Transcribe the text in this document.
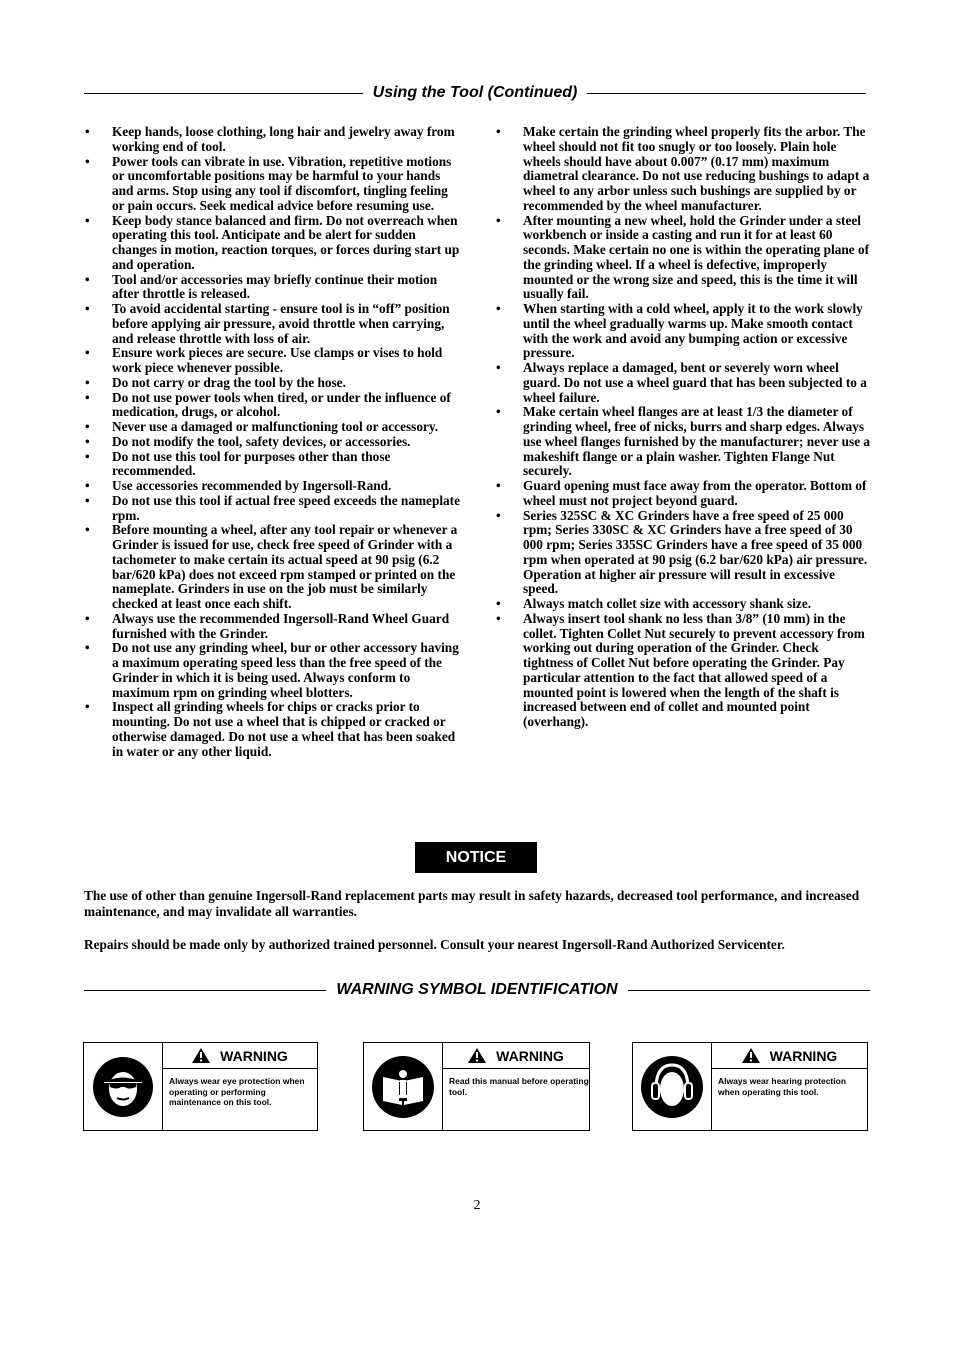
Using the Tool (Continued)
• Keep hands, loose clothing, long hair and jewelry away from working end of tool.
• Power tools can vibrate in use. Vibration, repetitive motions or uncomfortable positions may be harmful to your hands and arms. Stop using any tool if discomfort, tingling feeling or pain occurs. Seek medical advice before resuming use.
• Keep body stance balanced and firm. Do not overreach when operating this tool. Anticipate and be alert for sudden changes in motion, reaction torques, or forces during start up and operation.
• Tool and/or accessories may briefly continue their motion after throttle is released.
• To avoid accidental starting - ensure tool is in “off” position before applying air pressure, avoid throttle when carrying, and release throttle with loss of air.
• Ensure work pieces are secure. Use clamps or vises to hold work piece whenever possible.
• Do not carry or drag the tool by the hose.
• Do not use power tools when tired, or under the influence of medication, drugs, or alcohol.
• Never use a damaged or malfunctioning tool or accessory.
• Do not modify the tool, safety devices, or accessories.
• Do not use this tool for purposes other than those recommended.
• Use accessories recommended by Ingersoll-Rand.
• Do not use this tool if actual free speed exceeds the nameplate rpm.
• Before mounting a wheel, after any tool repair or whenever a Grinder is issued for use, check free speed of Grinder with a tachometer to make certain its actual speed at 90 psig (6.2 bar/620 kPa) does not exceed rpm stamped or printed on the nameplate. Grinders in use on the job must be similarly checked at least once each shift.
• Always use the recommended Ingersoll-Rand Wheel Guard furnished with the Grinder.
• Do not use any grinding wheel, bur or other accessory having a maximum operating speed less than the free speed of the Grinder in which it is being used. Always conform to maximum rpm on grinding wheel blotters.
• Inspect all grinding wheels for chips or cracks prior to mounting. Do not use a wheel that is chipped or cracked or otherwise damaged. Do not use a wheel that has been soaked in water or any other liquid.
• Make certain the grinding wheel properly fits the arbor. The wheel should not fit too snugly or too loosely. Plain hole wheels should have about 0.007” (0.17 mm) maximum diametral clearance. Do not use reducing bushings to adapt a wheel to any arbor unless such bushings are supplied by or recommended by the wheel manufacturer.
• After mounting a new wheel, hold the Grinder under a steel workbench or inside a casting and run it for at least 60 seconds. Make certain no one is within the operating plane of the grinding wheel. If a wheel is defective, improperly mounted or the wrong size and speed, this is the time it will usually fail.
• When starting with a cold wheel, apply it to the work slowly until the wheel gradually warms up. Make smooth contact with the work and avoid any bumping action or excessive pressure.
• Always replace a damaged, bent or severely worn wheel guard. Do not use a wheel guard that has been subjected to a wheel failure.
• Make certain wheel flanges are at least 1/3 the diameter of grinding wheel, free of nicks, burrs and sharp edges. Always use wheel flanges furnished by the manufacturer; never use a makeshift flange or a plain washer. Tighten Flange Nut securely.
• Guard opening must face away from the operator. Bottom of wheel must not project beyond guard.
• Series 325SC & XC Grinders have a free speed of 25 000 rpm; Series 330SC & XC Grinders have a free speed of 30 000 rpm; Series 335SC Grinders have a free speed of 35 000 rpm when operated at 90 psig (6.2 bar/620 kPa) air pressure. Operation at higher air pressure will result in excessive speed.
• Always match collet size with accessory shank size.
• Always insert tool shank no less than 3/8” (10 mm) in the collet. Tighten Collet Nut securely to prevent accessory from working out during operation of the Grinder. Check tightness of Collet Nut before operating the Grinder. Pay particular attention to the fact that allowed speed of a mounted point is lowered when the length of the shaft is increased between end of collet and mounted point (overhang).
NOTICE

The use of other than genuine Ingersoll-Rand replacement parts may result in safety hazards, decreased tool performance, and increased maintenance, and may invalidate all warranties.

Repairs should be made only by authorized trained personnel. Consult your nearest Ingersoll-Rand Authorized Servicenter.

WARNING SYMBOL IDENTIFICATION
WARNING
Always wear eye protection when operating or performing maintenance on this tool.
WARNING
Read this manual before operating tool.
WARNING
Always wear hearing protection when operating this tool.
2
